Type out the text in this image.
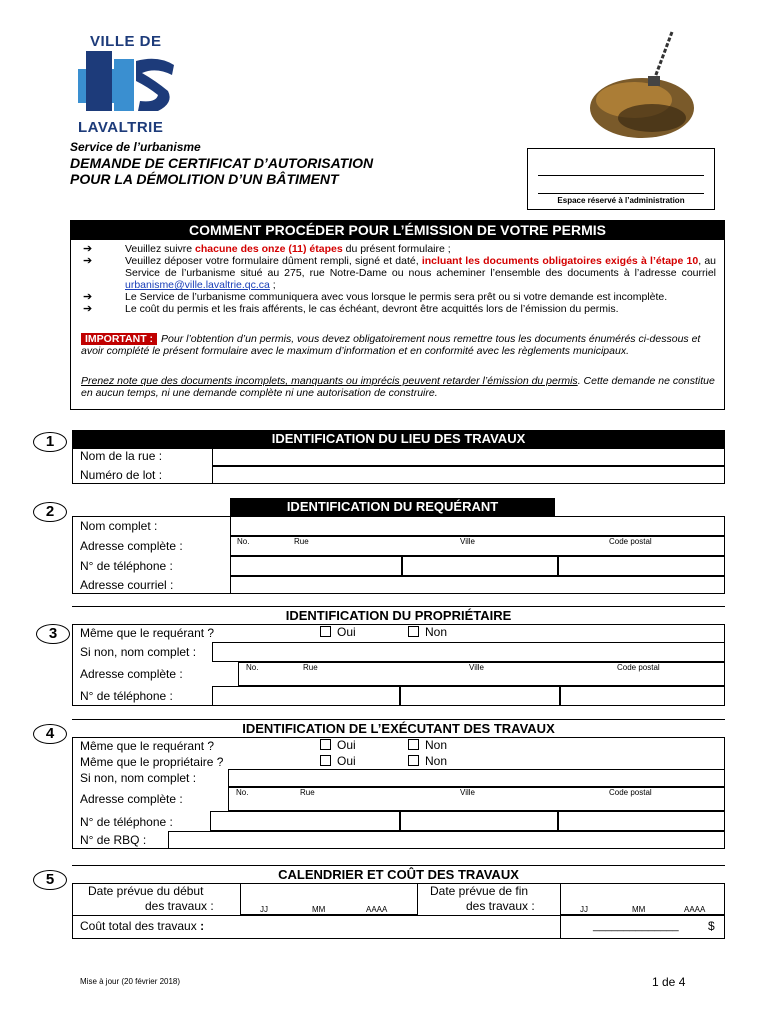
VILLE DE
LAVALTRIE
Service de l’urbanisme
DEMANDE DE CERTIFICAT D’AUTORISATION
POUR LA DÉMOLITION D’UN BÂTIMENT
Espace réservé à l’administration
COMMENT PROCÉDER POUR L’ÉMISSION DE VOTRE PERMIS
➔	Veuillez suivre chacune des onze (11) étapes du présent formulaire ;
➔	Veuillez déposer votre formulaire dûment rempli, signé et daté, incluant les documents obligatoires exigés à l’étape 10, au Service de l’urbanisme situé au 275, rue Notre-Dame ou nous acheminer l’ensemble des documents à l’adresse courriel urbanisme@ville.lavaltrie.qc.ca ;
➔	Le Service de l’urbanisme communiquera avec vous lorsque le permis sera prêt ou si votre demande est incomplète.
➔	Le coût du permis et les frais afférents, le cas échéant, devront être acquittés lors de l’émission du permis.
IMPORTANT : Pour l’obtention d’un permis, vous devez obligatoirement nous remettre tous les documents énumérés ci-dessous et avoir complété le présent formulaire avec le maximum d’information et en conformité avec les règlements municipaux.
Prenez note que des documents incomplets, manquants ou imprécis peuvent retarder l’émission du permis. Cette demande ne constitue en aucun temps, ni une demande complète ni une autorisation de construire.
1	IDENTIFICATION DU LIEU DES TRAVAUX
Nom de la rue :
Numéro de lot :
2	IDENTIFICATION DU REQUÉRANT
Nom complet :
Adresse complète :	No.	Rue	Ville	Code postal
N° de téléphone :
Adresse courriel :
IDENTIFICATION DU PROPRIÉTAIRE
3	Même que le requérant ?	Oui	Non
Si non, nom complet :
Adresse complète :	No.	Rue	Ville	Code postal
N° de téléphone :
IDENTIFICATION DE L’EXÉCUTANT DES TRAVAUX
4
Même que le requérant ?	Oui	Non
Même que le propriétaire ?	Oui	Non
Si non, nom complet :
Adresse complète :	No.	Rue	Ville	Code postal
N° de téléphone :
N° de RBQ :
5	CALENDRIER ET COÛT DES TRAVAUX
Date prévue du début
des travaux :	JJ	MM	AAAA
Date prévue de fin
des travaux :	JJ	MM	AAAA
Coût total des travaux :	______________ $
Mise à jour (20 février 2018)	1 de 4
